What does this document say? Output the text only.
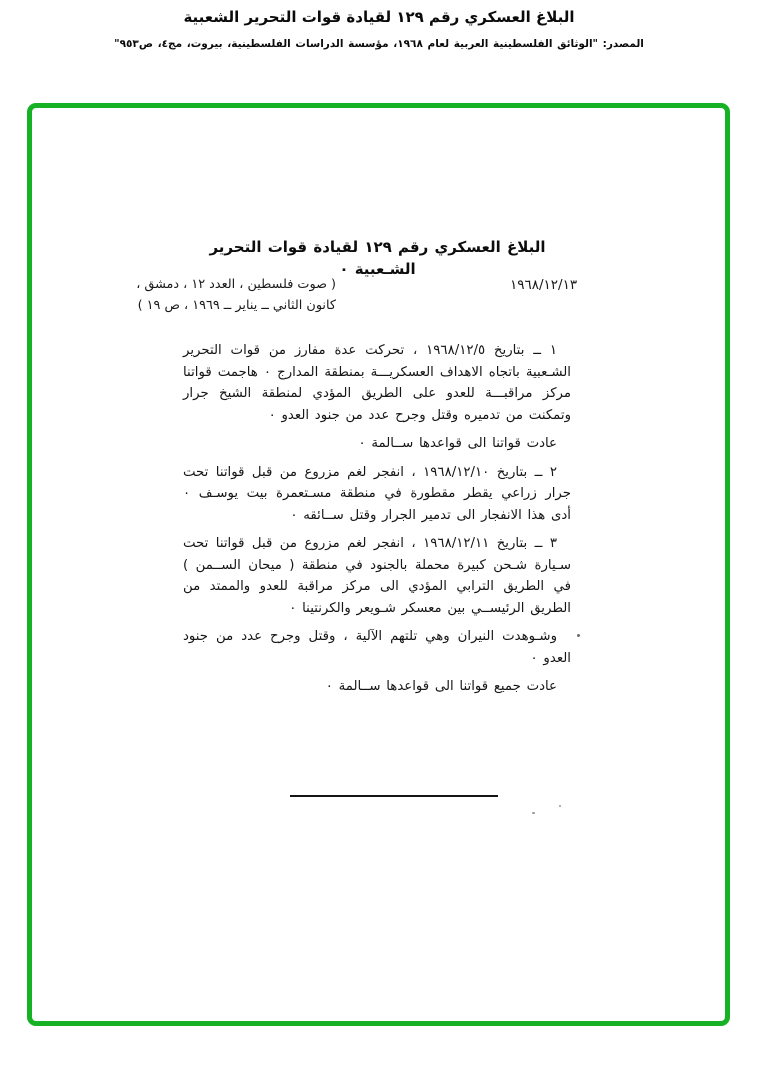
البلاغ العسكري رقم ١٢٩ لقيادة قوات التحرير الشعبية
المصدر: "الوثائق الفلسطينية العربية لعام ١٩٦٨، مؤسسة الدراسات الفلسطينية، بيروت، مج٤، ص٩٥٣"
البلاغ العسكري رقم ١٢٩ لقيادة قوات التحرير الشـعبية ٠
١٩٦٨/١٢/١٣
( صوت فلسطين ، العدد ١٢ ، دمشق ،
كانون الثاني ــ يناير ــ ١٩٦٩ ، ص ١٩ )

١ ــ بتاريخ ١٩٦٨/١٢/٥ ، تحركت عدة مفارز من قوات التحرير الشـعبية باتجاه الاهداف العسكريـــة بمنطقة المدارج ٠ هاجمت قواتنا مركز مراقبـــة للعدو على الطريق المؤدي لمنطقة الشيخ جرار وتمكنت من تدميره وقتل وجرح عدد من جنود العدو ٠

عادت قواتنا الى قواعدها ســالمة ٠

٢ ــ بتاريخ ١٩٦٨/١٢/١٠ ، انفجر لغم مزروع من قبل قواتنا تحت جرار زراعي يقطر مقطورة في منطقة مسـتعمرة بيت يوسـف ٠ أدى هذا الانفجار الى تدمير الجرار وقتل ســائقه ٠

٣ ــ بتاريخ ١٩٦٨/١٢/١١ ، انفجر لغم مزروع من قبل قواتنا تحت سـيارة شـحن كبيرة محملة بالجنود في منطقة ( ميحان الســمن ) في الطريق الترابي المؤدي الى مركز مراقبة للعدو والممتد من الطريق الرئيســي بين معسكر شـويعر والكرنتينا ٠

وشـوهدت النيران وهي تلتهم الآلية ، وقتل وجرح عدد من جنود العدو ٠

عادت جميع قواتنا الى قواعدها ســالمة ٠
